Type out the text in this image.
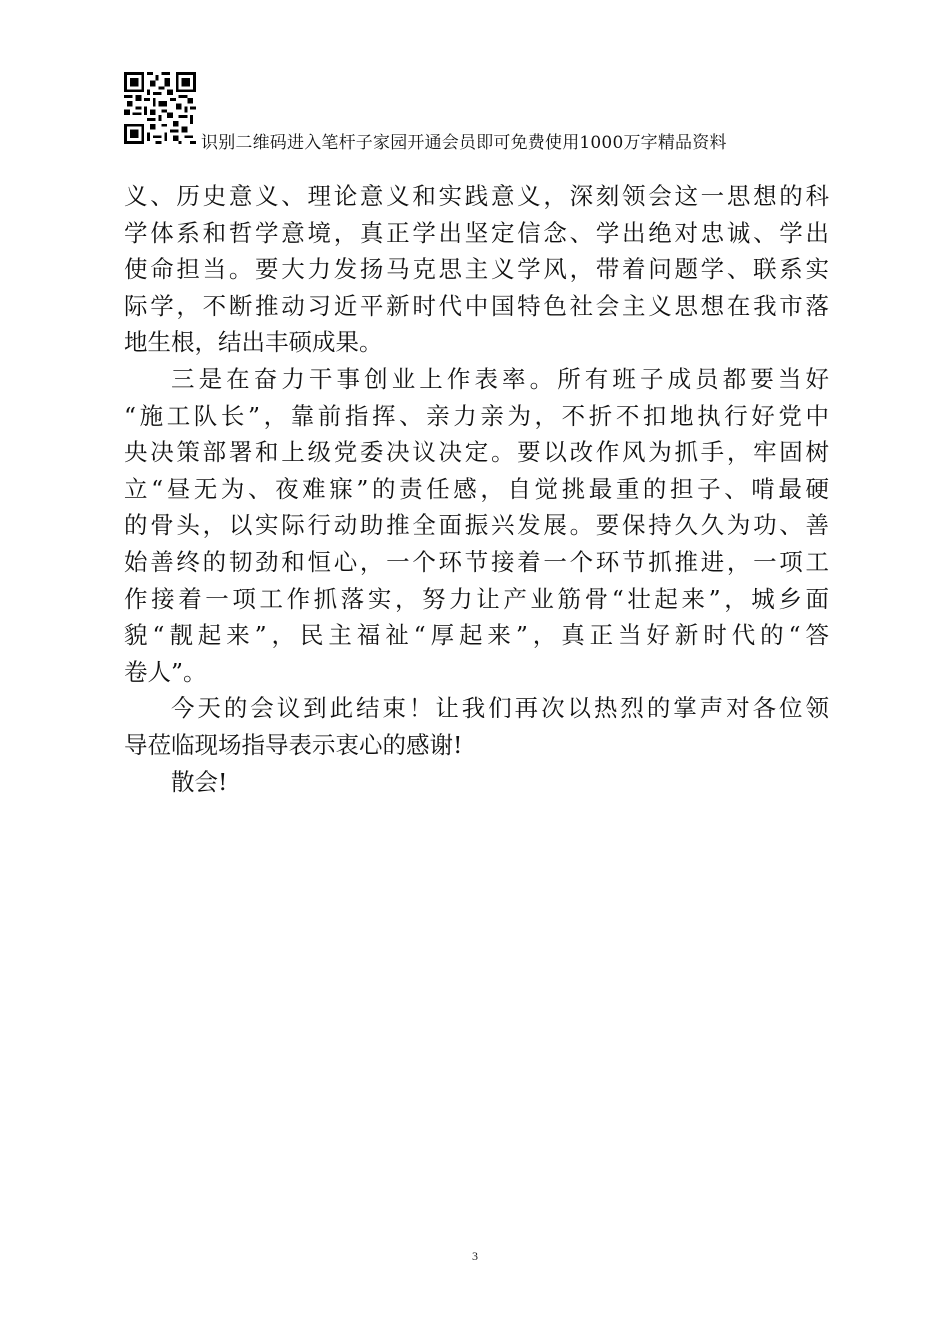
识别二维码进入笔杆子家园开通会员即可免费使用1000万字精品资料
义、历史意义、理论意义和实践意义，深刻领会这一思想的科
学体系和哲学意境，真正学出坚定信念、学出绝对忠诚、学出
使命担当。要大力发扬马克思主义学风，带着问题学、联系实
际学，不断推动习近平新时代中国特色社会主义思想在我市落
地生根，结出丰硕成果。
三是在奋力干事创业上作表率。所有班子成员都要当好
“施工队长”，靠前指挥、亲力亲为，不折不扣地执行好党中
央决策部署和上级党委决议决定。要以改作风为抓手，牢固树
立“昼无为、夜难寐”的责任感，自觉挑最重的担子、啃最硬
的骨头，以实际行动助推全面振兴发展。要保持久久为功、善
始善终的韧劲和恒心，一个环节接着一个环节抓推进，一项工
作接着一项工作抓落实，努力让产业筋骨“壮起来”，城乡面
貌“靓起来”，民主福祉“厚起来”，真正当好新时代的“答
卷人”。
今天的会议到此结束！让我们再次以热烈的掌声对各位领
导莅临现场指导表示衷心的感谢!
散会!
3
